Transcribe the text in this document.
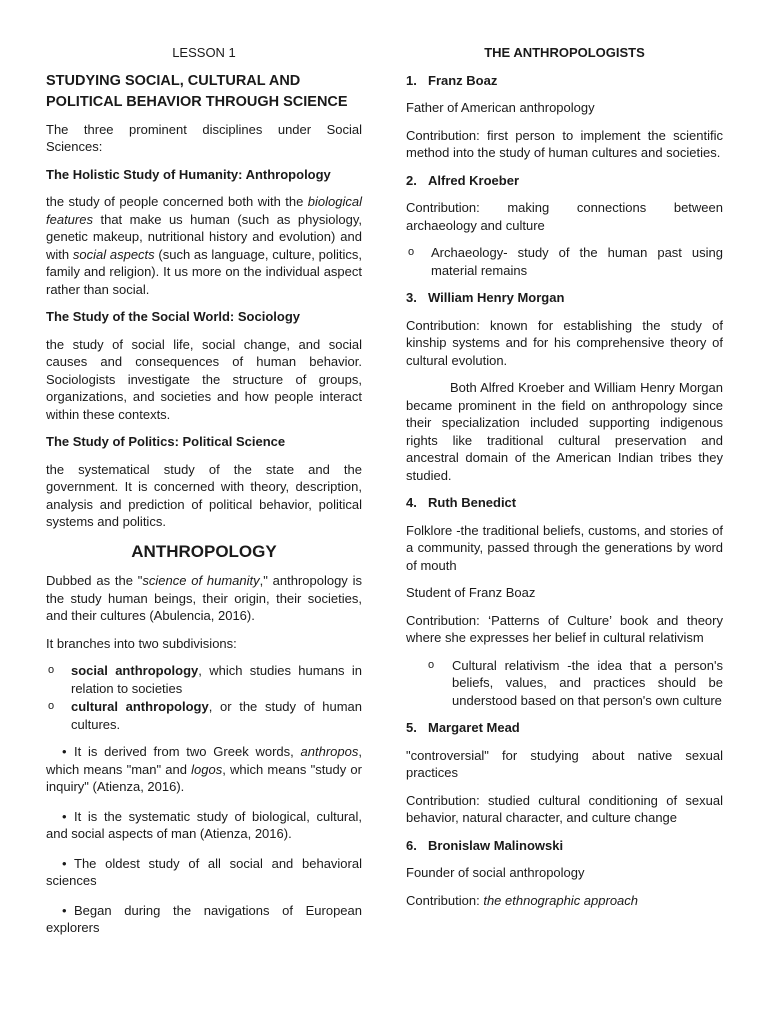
LESSON 1
STUDYING SOCIAL, CULTURAL AND POLITICAL BEHAVIOR THROUGH SCIENCE

The three prominent disciplines under Social Sciences:

The Holistic Study of Humanity: Anthropology

the study of people concerned both with the biological features that make us human (such as physiology, genetic makeup, nutritional history and evolution) and with social aspects (such as language, culture, politics, family and religion). It us more on the individual aspect rather than social.

The Study of the Social World: Sociology

the study of social life, social change, and social causes and consequences of human behavior. Sociologists investigate the structure of groups, organizations, and societies and how people interact within these contexts.

The Study of Politics: Political Science

the systematical study of the state and the government. It is concerned with theory, description, analysis and prediction of political behavior, political systems and politics.

ANTHROPOLOGY

Dubbed as the "science of humanity," anthropology is the study human beings, their origin, their societies, and their cultures (Abulencia, 2016).

It branches into two subdivisions:

o	social anthropology, which studies humans in relation to societies
o	cultural anthropology, or the study of human cultures.

• It is derived from two Greek words, anthropos, which means "man" and logos, which means "study or inquiry" (Atienza, 2016).

• It is the systematic study of biological, cultural, and social aspects of man (Atienza, 2016).

• The oldest study of all social and behavioral sciences

• Began during the navigations of European explorers

THE ANTHROPOLOGISTS
1. Franz Boaz

Father of American anthropology

Contribution: first person to implement the scientific method into the study of human cultures and societies.

2. Alfred Kroeber

Contribution: making connections between archaeology and culture

o	Archaeology- study of the human past using material remains
3. William Henry Morgan

Contribution: known for establishing the study of kinship systems and for his comprehensive theory of cultural evolution.

Both Alfred Kroeber and William Henry Morgan became prominent in the field on anthropology since their specialization included supporting indigenous rights like traditional cultural preservation and ancestral domain of the American Indian tribes they studied.

4. Ruth Benedict

Folklore -the traditional beliefs, customs, and stories of a community, passed through the generations by word of mouth

Student of Franz Boaz

Contribution: ‘Patterns of Culture’ book and theory where she expresses her belief in cultural relativism

o	Cultural relativism -the idea that a person's beliefs, values, and practices should be understood based on that person's own culture
5. Margaret Mead

"controversial" for studying about native sexual practices

Contribution: studied cultural conditioning of sexual behavior, natural character, and culture change

6. Bronislaw Malinowski

Founder of social anthropology

Contribution: the ethnographic approach
